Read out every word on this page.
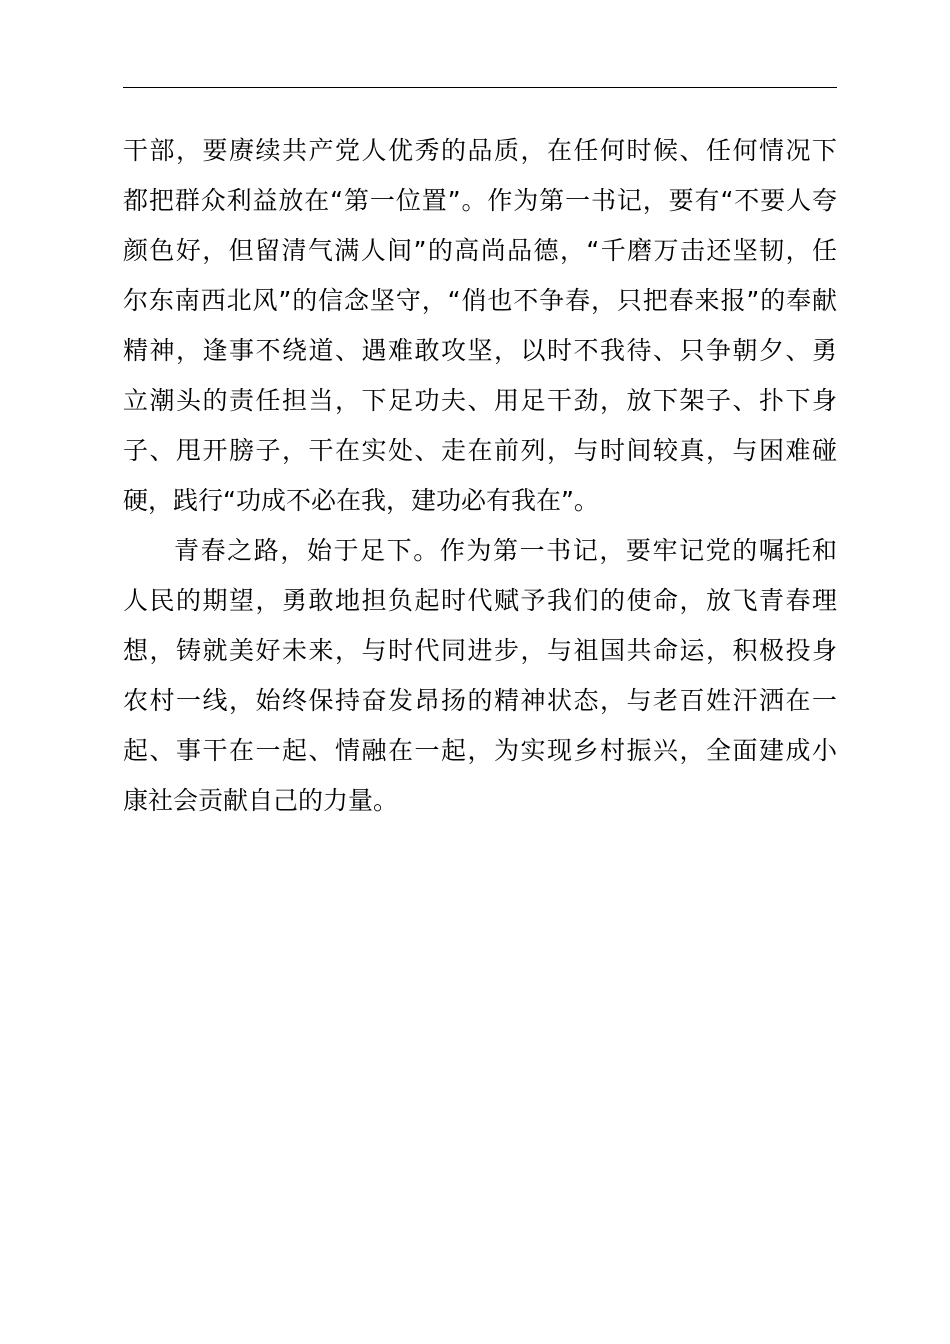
干部，要赓续共产党人优秀的品质，在任何时候、任何情况下
都把群众利益放在“第一位置”。作为第一书记，要有“不要人夸
颜色好，但留清气满人间”的高尚品德，“千磨万击还坚韧，任
尔东南西北风”的信念坚守，“俏也不争春，只把春来报”的奉献
精神，逢事不绕道、遇难敢攻坚，以时不我待、只争朝夕、勇
立潮头的责任担当，下足功夫、用足干劲，放下架子、扑下身
子、甩开膀子，干在实处、走在前列，与时间较真，与困难碰
硬，践行“功成不必在我，建功必有我在”。
青春之路，始于足下。作为第一书记，要牢记党的嘱托和
人民的期望，勇敢地担负起时代赋予我们的使命，放飞青春理
想，铸就美好未来，与时代同进步，与祖国共命运，积极投身
农村一线，始终保持奋发昂扬的精神状态，与老百姓汗洒在一
起、事干在一起、情融在一起，为实现乡村振兴，全面建成小
康社会贡献自己的力量。
